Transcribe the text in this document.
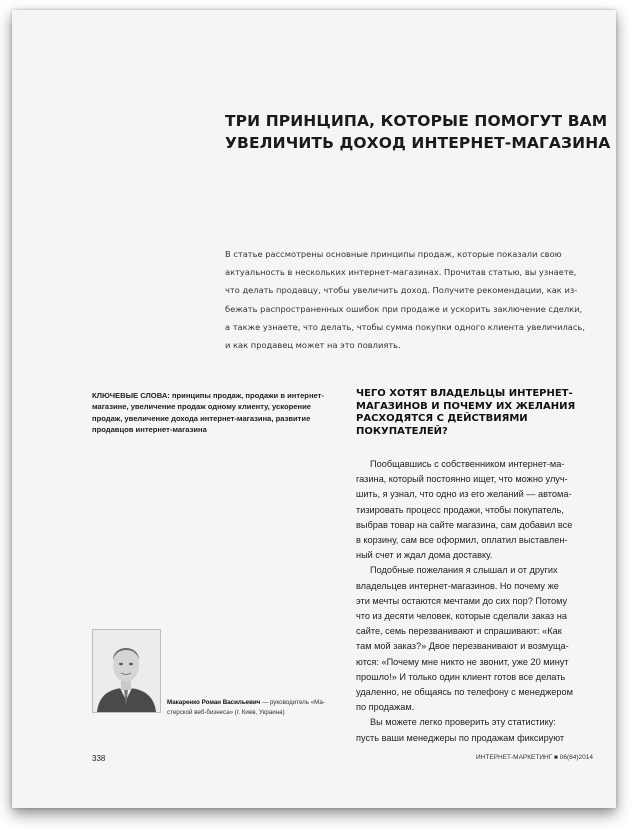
ТРИ ПРИНЦИПА, КОТОРЫЕ ПОМОГУТ ВАМ
УВЕЛИЧИТЬ ДОХОД ИНТЕРНЕТ-МАГАЗИНА
В статье рассмотрены основные принципы продаж, которые показали свою
актуальность в нескольких интернет-магазинах. Прочитав статью, вы узнаете,
что делать продавцу, чтобы увеличить доход. Получите рекомендации, как из-
бежать распространенных ошибок при продаже и ускорить заключение сделки,
а также узнаете, что делать, чтобы сумма покупки одного клиента увеличилась,
и как продавец может на это повлиять.
КЛЮЧЕВЫЕ СЛОВА: принципы продаж, продажи в интернет-
магазине, увеличение продаж одному клиенту, ускорение
продаж, увеличение дохода интернет-магазина, развитие
продавцов интернет-магазина
ЧЕГО ХОТЯТ ВЛАДЕЛЬЦЫ ИНТЕРНЕТ-
МАГАЗИНОВ И ПОЧЕМУ ИХ ЖЕЛАНИЯ
РАСХОДЯТСЯ С ДЕЙСТВИЯМИ
ПОКУПАТЕЛЕЙ?
Пообщавшись с собственником интернет-ма-
газина, который постоянно ищет, что можно улуч-
шить, я узнал, что одно из его желаний — автома-
тизировать процесс продажи, чтобы покупатель,
выбрав товар на сайте магазина, сам добавил все
в корзину, сам все оформил, оплатил выставлен-
ный счет и ждал дома доставку.
Подобные пожелания я слышал и от других
владельцев интернет-магазинов. Но почему же
эти мечты остаются мечтами до сих пор? Потому
что из десяти человек, которые сделали заказ на
сайте, семь перезванивают и спрашивают: «Как
там мой заказ?» Двое перезванивают и возмуща-
ются: «Почему мне никто не звонит, уже 20 минут
прошло!» И только один клиент готов все делать
удаленно, не общаясь по телефону с менеджером
по продажам.
Вы можете легко проверить эту статистику:
пусть ваши менеджеры по продажам фиксируют
Макаренко Роман Васильевич — руководитель «Ма-
стерской веб-бизнеса» (г. Киев, Украина)
338	ИНТЕРНЕТ-МАРКЕТИНГ ■ 06(84)2014
